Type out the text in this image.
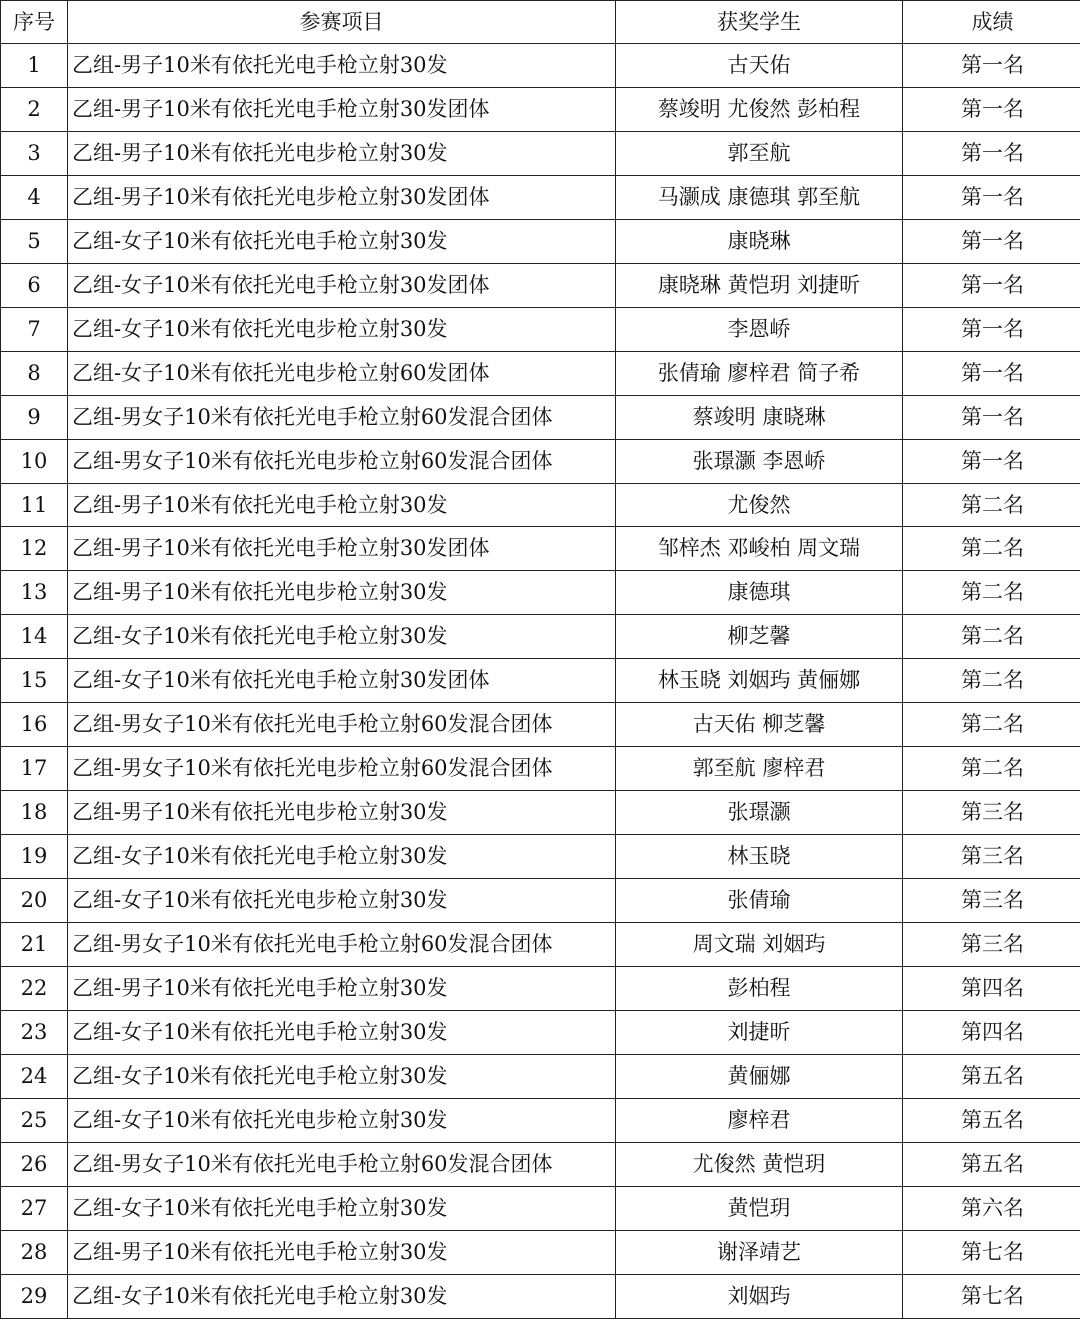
序号	参赛项目	获奖学生	成绩
1	乙组-男子10米有依托光电手枪立射30发	古天佑	第一名
2	乙组-男子10米有依托光电手枪立射30发团体	蔡竣明 尤俊然 彭柏程	第一名
3	乙组-男子10米有依托光电步枪立射30发	郭至航	第一名
4	乙组-男子10米有依托光电步枪立射30发团体	马灏成 康德琪 郭至航	第一名
5	乙组-女子10米有依托光电手枪立射30发	康晓琳	第一名
6	乙组-女子10米有依托光电手枪立射30发团体	康晓琳 黄恺玥 刘捷昕	第一名
7	乙组-女子10米有依托光电步枪立射30发	李恩峤	第一名
8	乙组-女子10米有依托光电步枪立射60发团体	张倩瑜 廖梓君 简子希	第一名
9	乙组-男女子10米有依托光电手枪立射60发混合团体	蔡竣明 康晓琳	第一名
10	乙组-男女子10米有依托光电步枪立射60发混合团体	张璟灏 李恩峤	第一名
11	乙组-男子10米有依托光电手枪立射30发	尤俊然	第二名
12	乙组-男子10米有依托光电手枪立射30发团体	邹梓杰 邓峻柏 周文瑞	第二名
13	乙组-男子10米有依托光电步枪立射30发	康德琪	第二名
14	乙组-女子10米有依托光电手枪立射30发	柳芝馨	第二名
15	乙组-女子10米有依托光电手枪立射30发团体	林玉晓 刘姻玙 黄俪娜	第二名
16	乙组-男女子10米有依托光电手枪立射60发混合团体	古天佑 柳芝馨	第二名
17	乙组-男女子10米有依托光电步枪立射60发混合团体	郭至航 廖梓君	第二名
18	乙组-男子10米有依托光电步枪立射30发	张璟灏	第三名
19	乙组-女子10米有依托光电手枪立射30发	林玉晓	第三名
20	乙组-女子10米有依托光电步枪立射30发	张倩瑜	第三名
21	乙组-男女子10米有依托光电手枪立射60发混合团体	周文瑞 刘姻玙	第三名
22	乙组-男子10米有依托光电手枪立射30发	彭柏程	第四名
23	乙组-女子10米有依托光电手枪立射30发	刘捷昕	第四名
24	乙组-女子10米有依托光电手枪立射30发	黄俪娜	第五名
25	乙组-女子10米有依托光电步枪立射30发	廖梓君	第五名
26	乙组-男女子10米有依托光电手枪立射60发混合团体	尤俊然 黄恺玥	第五名
27	乙组-女子10米有依托光电手枪立射30发	黄恺玥	第六名
28	乙组-男子10米有依托光电手枪立射30发	谢泽靖艺	第七名
29	乙组-女子10米有依托光电手枪立射30发	刘姻玙	第七名
